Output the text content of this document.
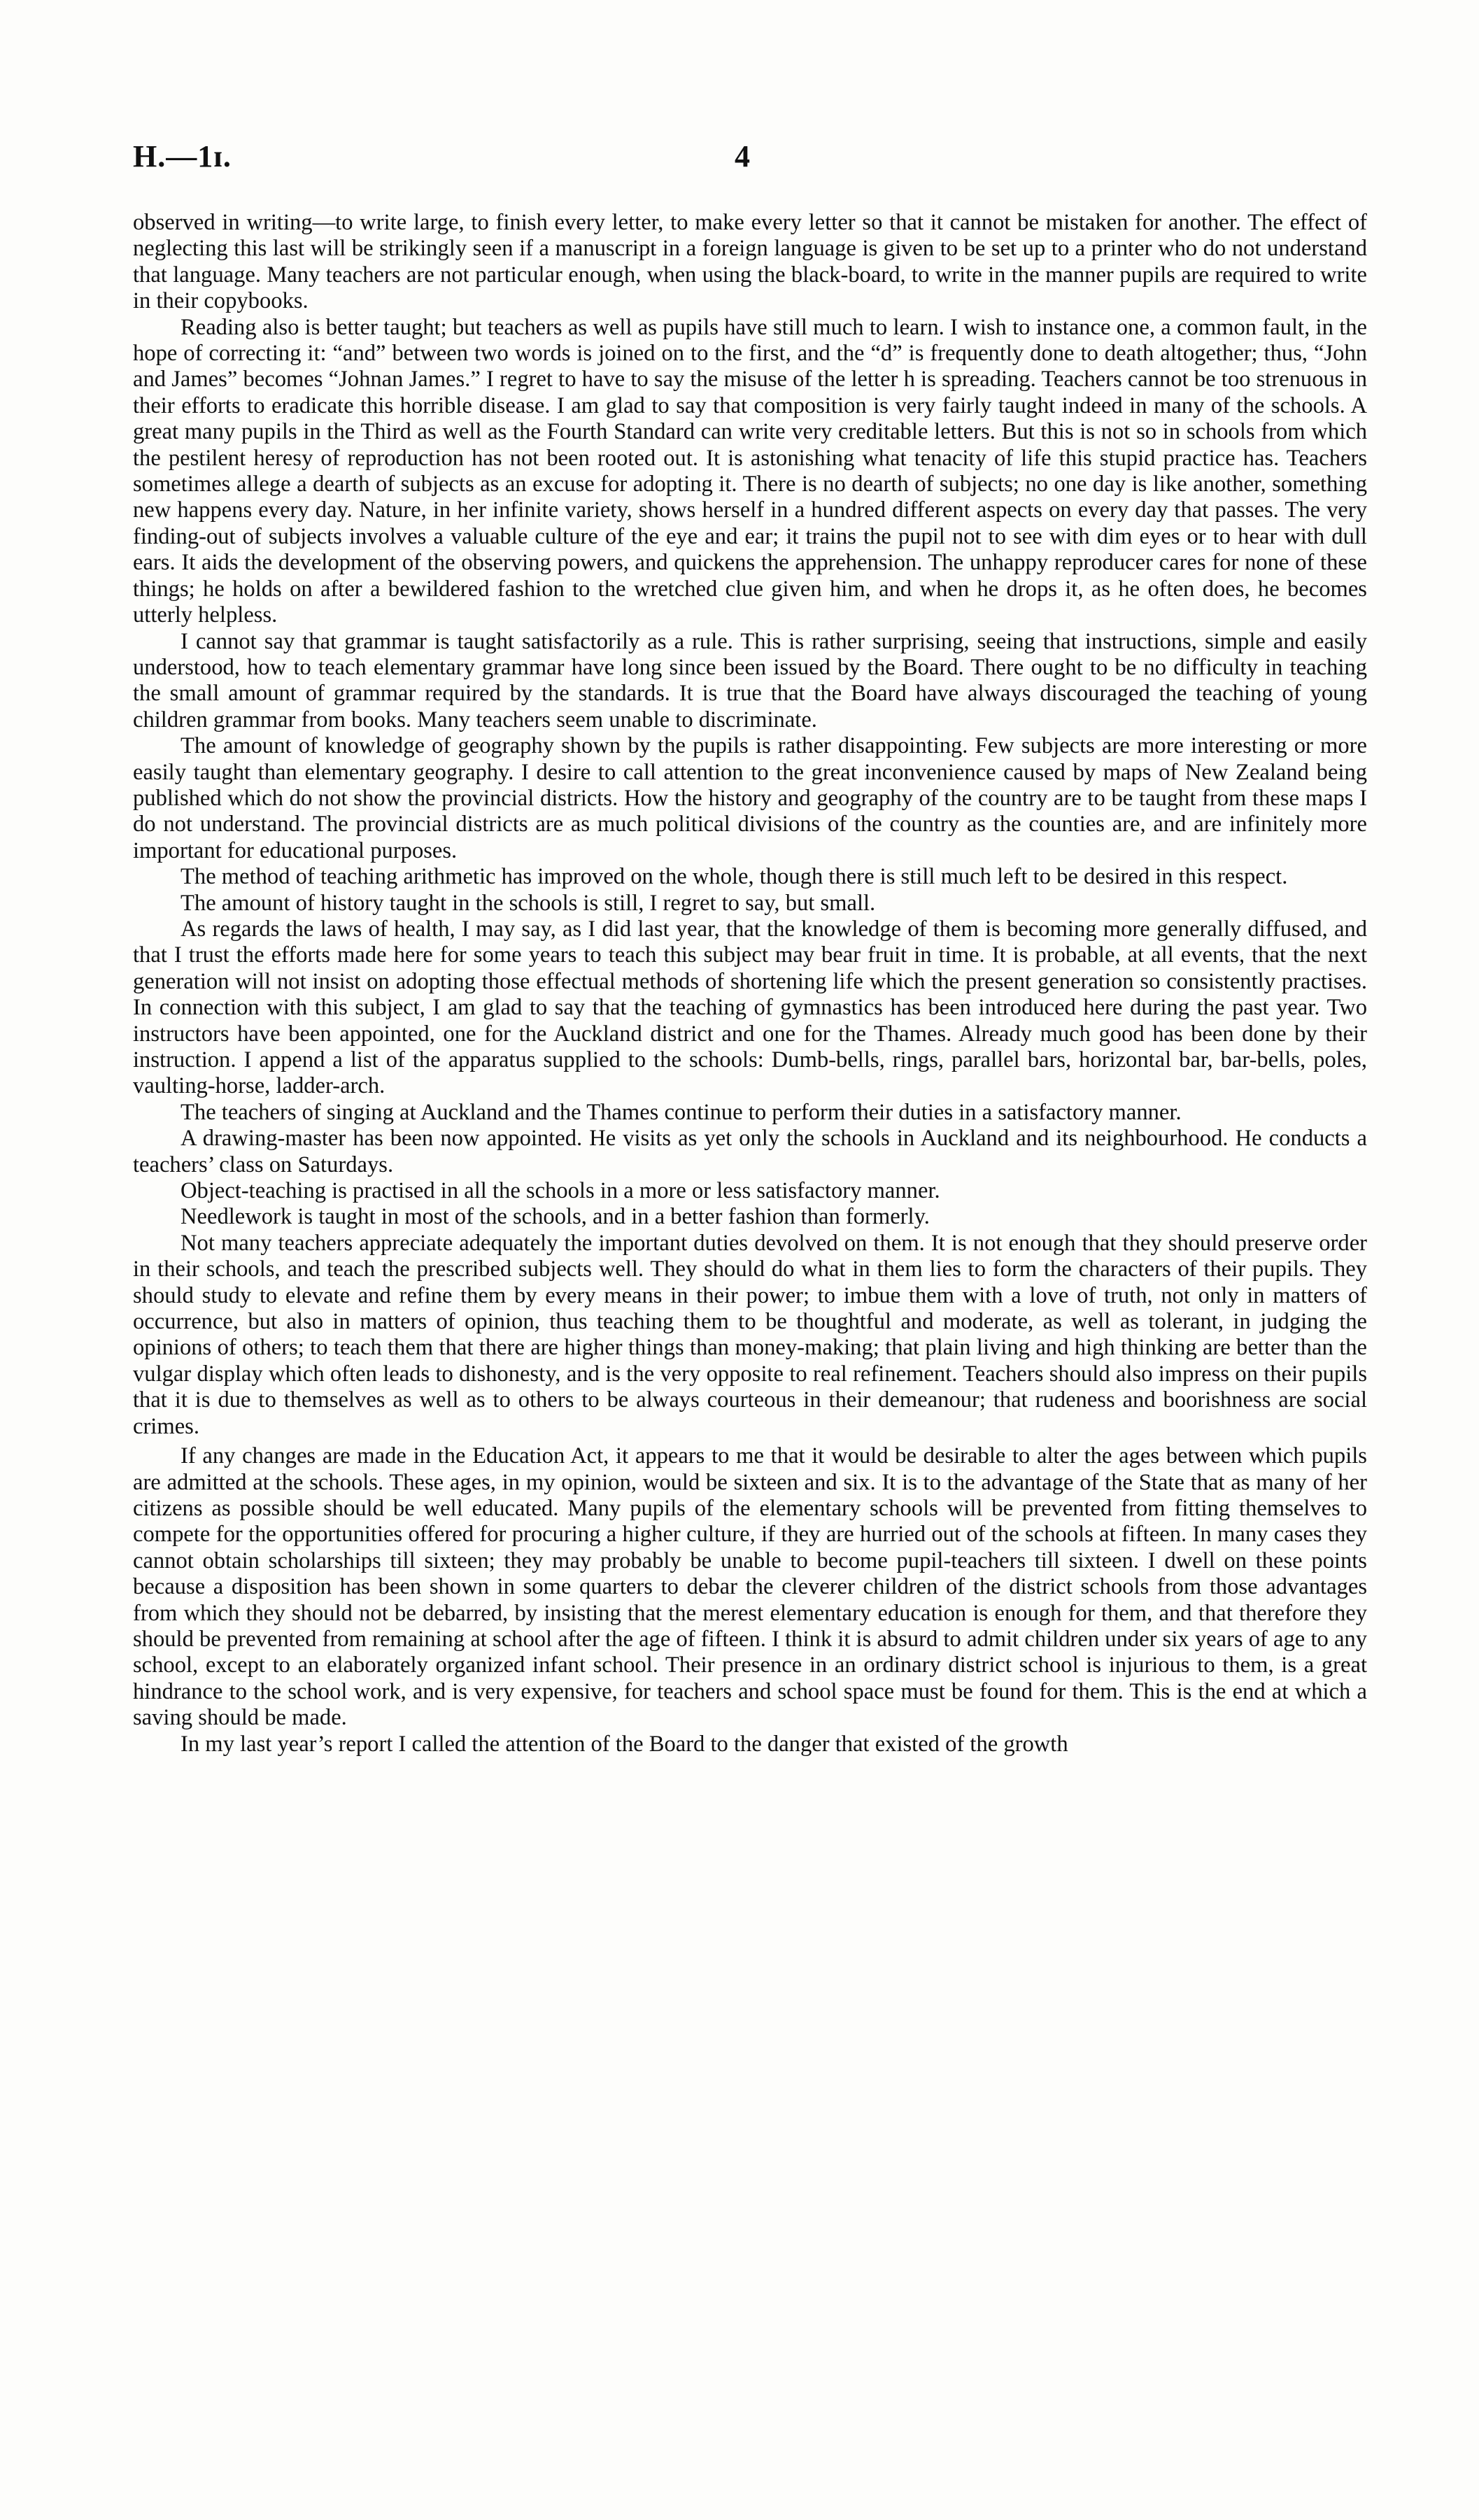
H.—1ɪ.	4

observed in writing—to write large, to finish every letter, to make every letter so that it cannot be mistaken for another. The effect of neglecting this last will be strikingly seen if a manuscript in a foreign language is given to be set up to a printer who do not understand that language. Many teachers are not particular enough, when using the black-board, to write in the manner pupils are required to write in their copybooks.

Reading also is better taught; but teachers as well as pupils have still much to learn. I wish to instance one, a common fault, in the hope of correcting it: “and” between two words is joined on to the first, and the “d” is frequently done to death altogether; thus, “John and James” becomes “Johnan James.” I regret to have to say the misuse of the letter h is spreading. Teachers cannot be too strenuous in their efforts to eradicate this horrible disease. I am glad to say that composition is very fairly taught indeed in many of the schools. A great many pupils in the Third as well as the Fourth Standard can write very creditable letters. But this is not so in schools from which the pestilent heresy of reproduction has not been rooted out. It is astonishing what tenacity of life this stupid practice has. Teachers sometimes allege a dearth of subjects as an excuse for adopting it. There is no dearth of subjects; no one day is like another, something new happens every day. Nature, in her infinite variety, shows herself in a hundred different aspects on every day that passes. The very finding-out of subjects involves a valuable culture of the eye and ear; it trains the pupil not to see with dim eyes or to hear with dull ears. It aids the development of the observing powers, and quickens the apprehension. The unhappy reproducer cares for none of these things; he holds on after a bewildered fashion to the wretched clue given him, and when he drops it, as he often does, he becomes utterly helpless.

I cannot say that grammar is taught satisfactorily as a rule. This is rather surprising, seeing that instructions, simple and easily understood, how to teach elementary grammar have long since been issued by the Board. There ought to be no difficulty in teaching the small amount of grammar required by the standards. It is true that the Board have always discouraged the teaching of young children grammar from books. Many teachers seem unable to discriminate.

The amount of knowledge of geography shown by the pupils is rather disappointing. Few subjects are more interesting or more easily taught than elementary geography. I desire to call attention to the great inconvenience caused by maps of New Zealand being published which do not show the provincial districts. How the history and geography of the country are to be taught from these maps I do not understand. The provincial districts are as much political divisions of the country as the counties are, and are infinitely more important for educational purposes.

The method of teaching arithmetic has improved on the whole, though there is still much left to be desired in this respect.

The amount of history taught in the schools is still, I regret to say, but small.

As regards the laws of health, I may say, as I did last year, that the knowledge of them is becoming more generally diffused, and that I trust the efforts made here for some years to teach this subject may bear fruit in time. It is probable, at all events, that the next generation will not insist on adopting those effectual methods of shortening life which the present generation so consistently practises. In connection with this subject, I am glad to say that the teaching of gymnastics has been introduced here during the past year. Two instructors have been appointed, one for the Auckland district and one for the Thames. Already much good has been done by their instruction. I append a list of the apparatus supplied to the schools: Dumb-bells, rings, parallel bars, horizontal bar, bar-bells, poles, vaulting-horse, ladder-arch.

The teachers of singing at Auckland and the Thames continue to perform their duties in a satisfactory manner.

A drawing-master has been now appointed. He visits as yet only the schools in Auckland and its neighbourhood. He conducts a teachers’ class on Saturdays.

Object-teaching is practised in all the schools in a more or less satisfactory manner.

Needlework is taught in most of the schools, and in a better fashion than formerly.

Not many teachers appreciate adequately the important duties devolved on them. It is not enough that they should preserve order in their schools, and teach the prescribed subjects well. They should do what in them lies to form the characters of their pupils. They should study to elevate and refine them by every means in their power; to imbue them with a love of truth, not only in matters of occurrence, but also in matters of opinion, thus teaching them to be thoughtful and moderate, as well as tolerant, in judging the opinions of others; to teach them that there are higher things than money-making; that plain living and high thinking are better than the vulgar display which often leads to dishonesty, and is the very opposite to real refinement. Teachers should also impress on their pupils that it is due to themselves as well as to others to be always courteous in their demeanour; that rudeness and boorishness are social crimes.

If any changes are made in the Education Act, it appears to me that it would be desirable to alter the ages between which pupils are admitted at the schools. These ages, in my opinion, would be sixteen and six. It is to the advantage of the State that as many of her citizens as possible should be well educated. Many pupils of the elementary schools will be prevented from fitting themselves to compete for the opportunities offered for procuring a higher culture, if they are hurried out of the schools at fifteen. In many cases they cannot obtain scholarships till sixteen; they may probably be unable to become pupil-teachers till sixteen. I dwell on these points because a disposition has been shown in some quarters to debar the cleverer children of the district schools from those advantages from which they should not be debarred, by insisting that the merest elementary education is enough for them, and that therefore they should be prevented from remaining at school after the age of fifteen. I think it is absurd to admit children under six years of age to any school, except to an elaborately organized infant school. Their presence in an ordinary district school is injurious to them, is a great hindrance to the school work, and is very expensive, for teachers and school space must be found for them. This is the end at which a saving should be made.

In my last year’s report I called the attention of the Board to the danger that existed of the growth
